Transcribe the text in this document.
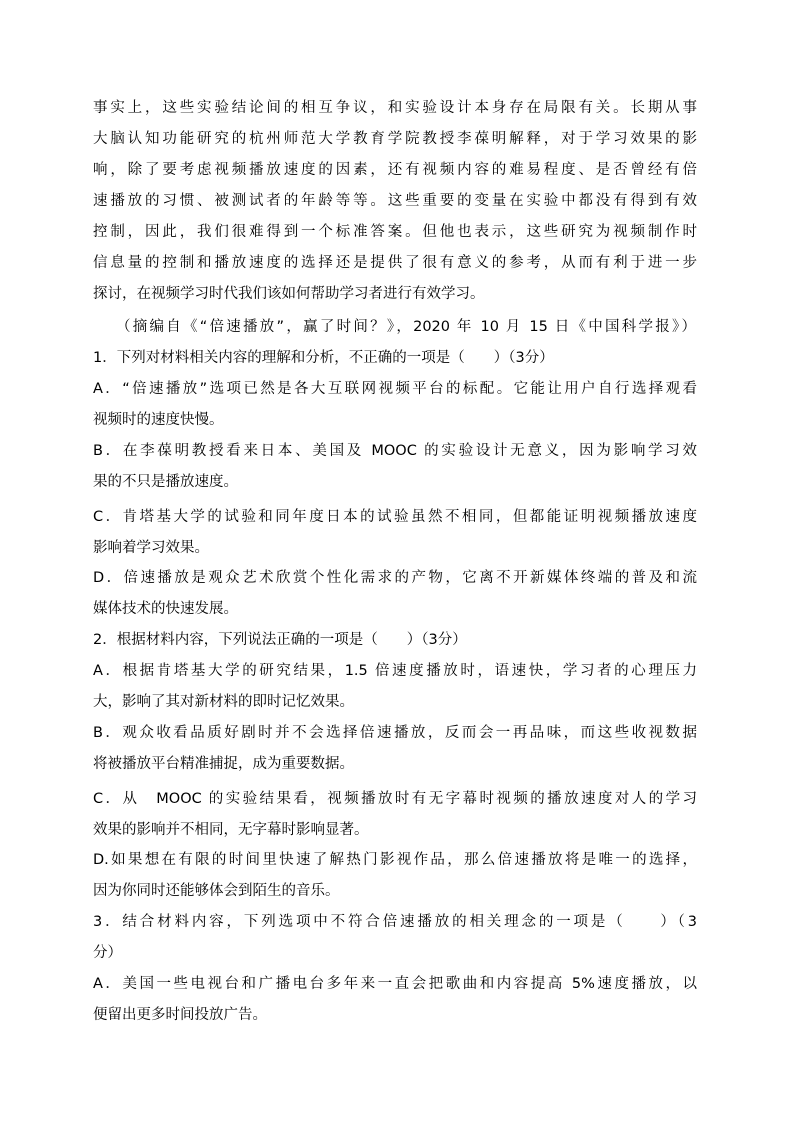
事实上，这些实验结论间的相互争议，和实验设计本身存在局限有关。长期从事
大脑认知功能研究的杭州师范大学教育学院教授李葆明解释，对于学习效果的影
响，除了要考虑视频播放速度的因素，还有视频内容的难易程度、是否曾经有倍
速播放的习惯、被测试者的年龄等等。这些重要的变量在实验中都没有得到有效
控制，因此，我们很难得到一个标准答案。但他也表示，这些研究为视频制作时
信息量的控制和播放速度的选择还是提供了很有意义的参考，从而有利于进一步
探讨，在视频学习时代我们该如何帮助学习者进行有效学习。
（摘编自《“倍速播放”，赢了时间？》，2020 年 10 月 15 日《中国科学报》）
1．下列对材料相关内容的理解和分析，不正确的一项是（　　）（3分）
A．“倍速播放”选项已然是各大互联网视频平台的标配。它能让用户自行选择观看
视频时的速度快慢。
B．在李葆明教授看来日本、美国及 MOOC 的实验设计无意义，因为影响学习效
果的不只是播放速度。
C．肯塔基大学的试验和同年度日本的试验虽然不相同，但都能证明视频播放速度
影响着学习效果。
D．倍速播放是观众艺术欣赏个性化需求的产物，它离不开新媒体终端的普及和流
媒体技术的快速发展。
2．根据材料内容，下列说法正确的一项是（　　）（3分）
A．根据肯塔基大学的研究结果，1.5 倍速度播放时，语速快，学习者的心理压力
大，影响了其对新材料的即时记忆效果。
B．观众收看品质好剧时并不会选择倍速播放，反而会一再品味，而这些收视数据
将被播放平台精准捕捉，成为重要数据。
C．从　MOOC 的实验结果看，视频播放时有无字幕时视频的播放速度对人的学习
效果的影响并不相同，无字幕时影响显著。
D.如果想在有限的时间里快速了解热门影视作品，那么倍速播放将是唯一的选择，
因为你同时还能够体会到陌生的音乐。
3．结合材料内容，下列选项中不符合倍速播放的相关理念的一项是（　　）（3
分）
A．美国一些电视台和广播电台多年来一直会把歌曲和内容提高 5%速度播放，以
便留出更多时间投放广告。
